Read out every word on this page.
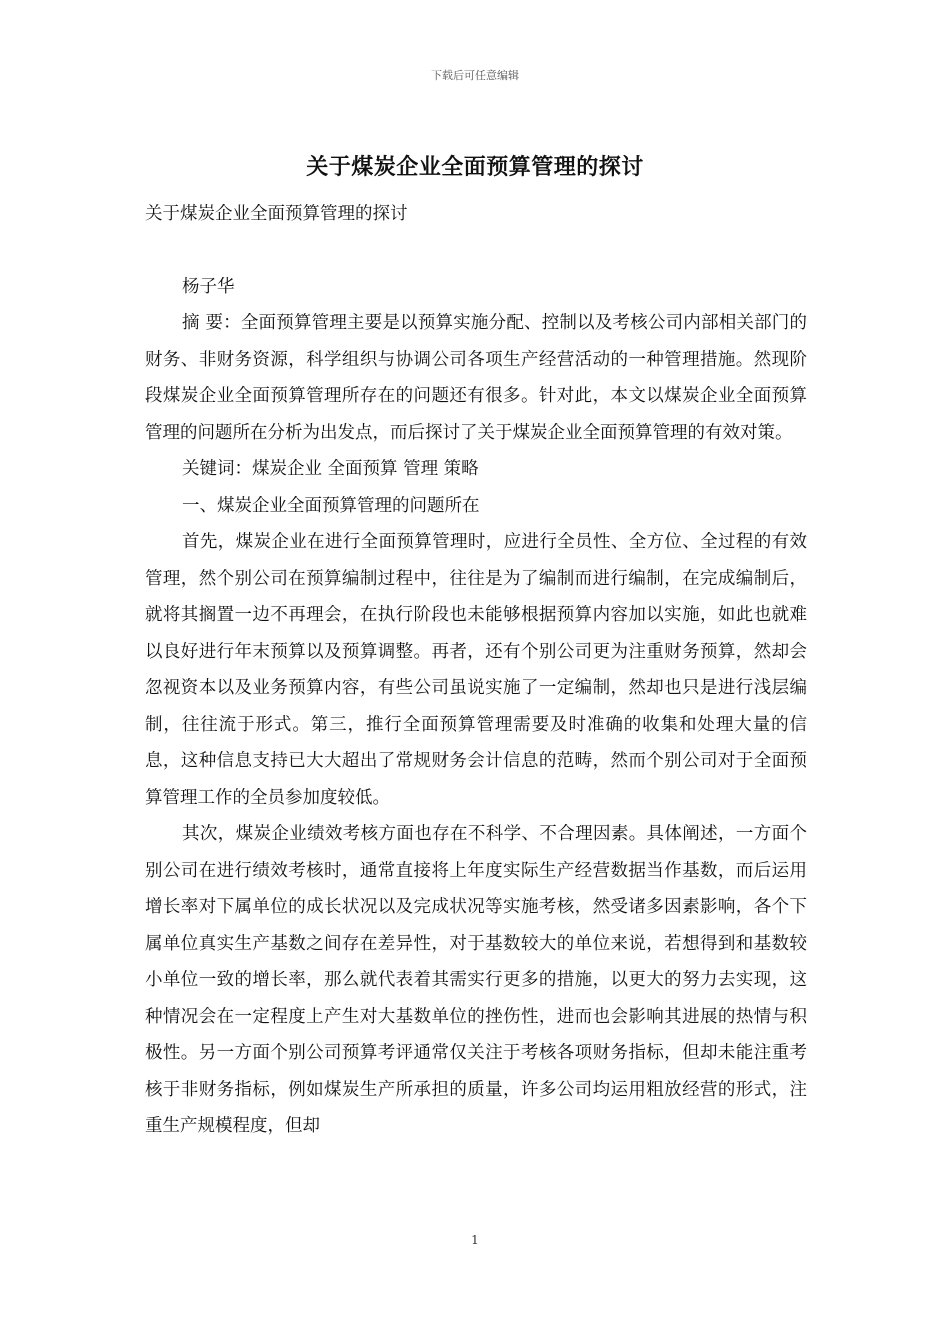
下载后可任意编辑
关于煤炭企业全面预算管理的探讨

关于煤炭企业全面预算管理的探讨

杨子华

摘 要：全面预算管理主要是以预算实施分配、控制以及考核公司内部相关部门的财务、非财务资源，科学组织与协调公司各项生产经营活动的一种管理措施。然现阶段煤炭企业全面预算管理所存在的问题还有很多。针对此，本文以煤炭企业全面预算管理的问题所在分析为出发点，而后探讨了关于煤炭企业全面预算管理的有效对策。

关键词：煤炭企业 全面预算 管理 策略

一、煤炭企业全面预算管理的问题所在

首先，煤炭企业在进行全面预算管理时，应进行全员性、全方位、全过程的有效管理，然个别公司在预算编制过程中，往往是为了编制而进行编制，在完成编制后，就将其搁置一边不再理会，在执行阶段也未能够根据预算内容加以实施，如此也就难以良好进行年末预算以及预算调整。再者，还有个别公司更为注重财务预算，然却会忽视资本以及业务预算内容，有些公司虽说实施了一定编制，然却也只是进行浅层编制，往往流于形式。第三，推行全面预算管理需要及时准确的收集和处理大量的信息，这种信息支持已大大超出了常规财务会计信息的范畴，然而个别公司对于全面预算管理工作的全员参加度较低。

其次，煤炭企业绩效考核方面也存在不科学、不合理因素。具体阐述，一方面个别公司在进行绩效考核时，通常直接将上年度实际生产经营数据当作基数，而后运用增长率对下属单位的成长状况以及完成状况等实施考核，然受诸多因素影响，各个下属单位真实生产基数之间存在差异性，对于基数较大的单位来说，若想得到和基数较小单位一致的增长率，那么就代表着其需实行更多的措施，以更大的努力去实现，这种情况会在一定程度上产生对大基数单位的挫伤性，进而也会影响其进展的热情与积极性。另一方面个别公司预算考评通常仅关注于考核各项财务指标，但却未能注重考核于非财务指标，例如煤炭生产所承担的质量，许多公司均运用粗放经营的形式，注重生产规模程度，但却

1
